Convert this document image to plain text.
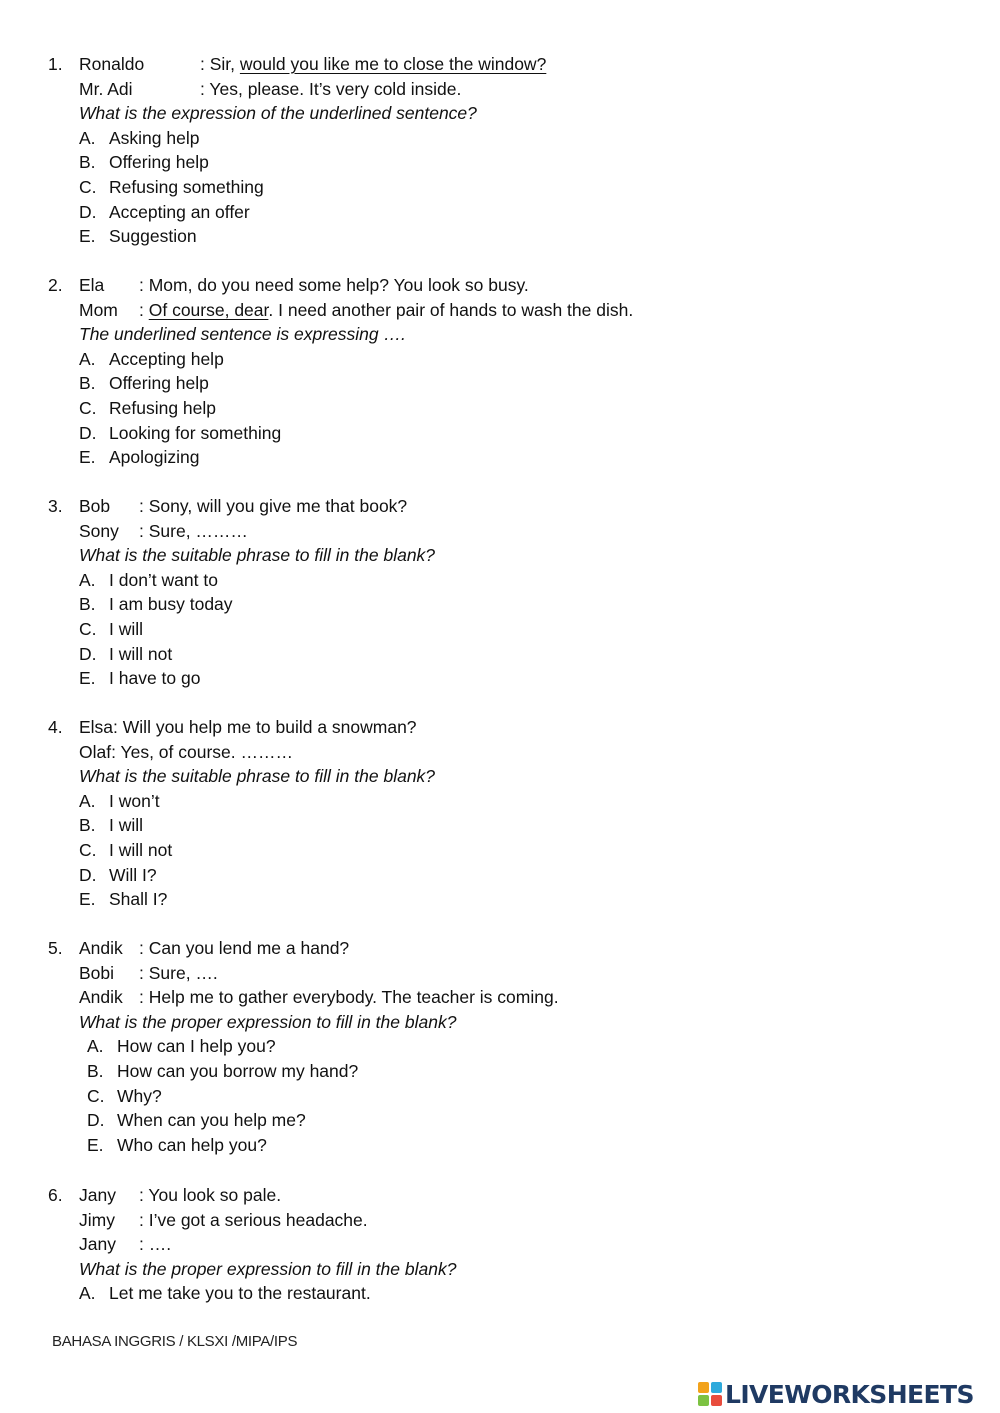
1. Ronaldo	: Sir, would you like me to close the window?
Mr. Adi	: Yes, please. It’s very cold inside.
What is the expression of the underlined sentence?
A. Asking help
B. Offering help
C. Refusing something
D. Accepting an offer
E. Suggestion
2. Ela : Mom, do you need some help? You look so busy.
Mom : Of course, dear. I need another pair of hands to wash the dish.
The underlined sentence is expressing ….
A. Accepting help
B. Offering help
C. Refusing help
D. Looking for something
E. Apologizing
3. Bob : Sony, will you give me that book?
Sony : Sure, ………
What is the suitable phrase to fill in the blank?
A. I don’t want to
B. I am busy today
C. I will
D. I will not
E. I have to go
4. Elsa: Will you help me to build a snowman?
Olaf: Yes, of course. ………
What is the suitable phrase to fill in the blank?
A. I won’t
B. I will
C. I will not
D. Will I?
E. Shall I?
5. Andik : Can you lend me a hand?
Bobi : Sure, ….
Andik : Help me to gather everybody. The teacher is coming.
What is the proper expression to fill in the blank?
A. How can I help you?
B. How can you borrow my hand?
C. Why?
D. When can you help me?
E. Who can help you?
6. Jany : You look so pale.
Jimy : I’ve got a serious headache.
Jany : ….
What is the proper expression to fill in the blank?
A. Let me take you to the restaurant.
BAHASA INGGRIS / KLSXI /MIPA/IPS
LIVEWORKSHEETS
